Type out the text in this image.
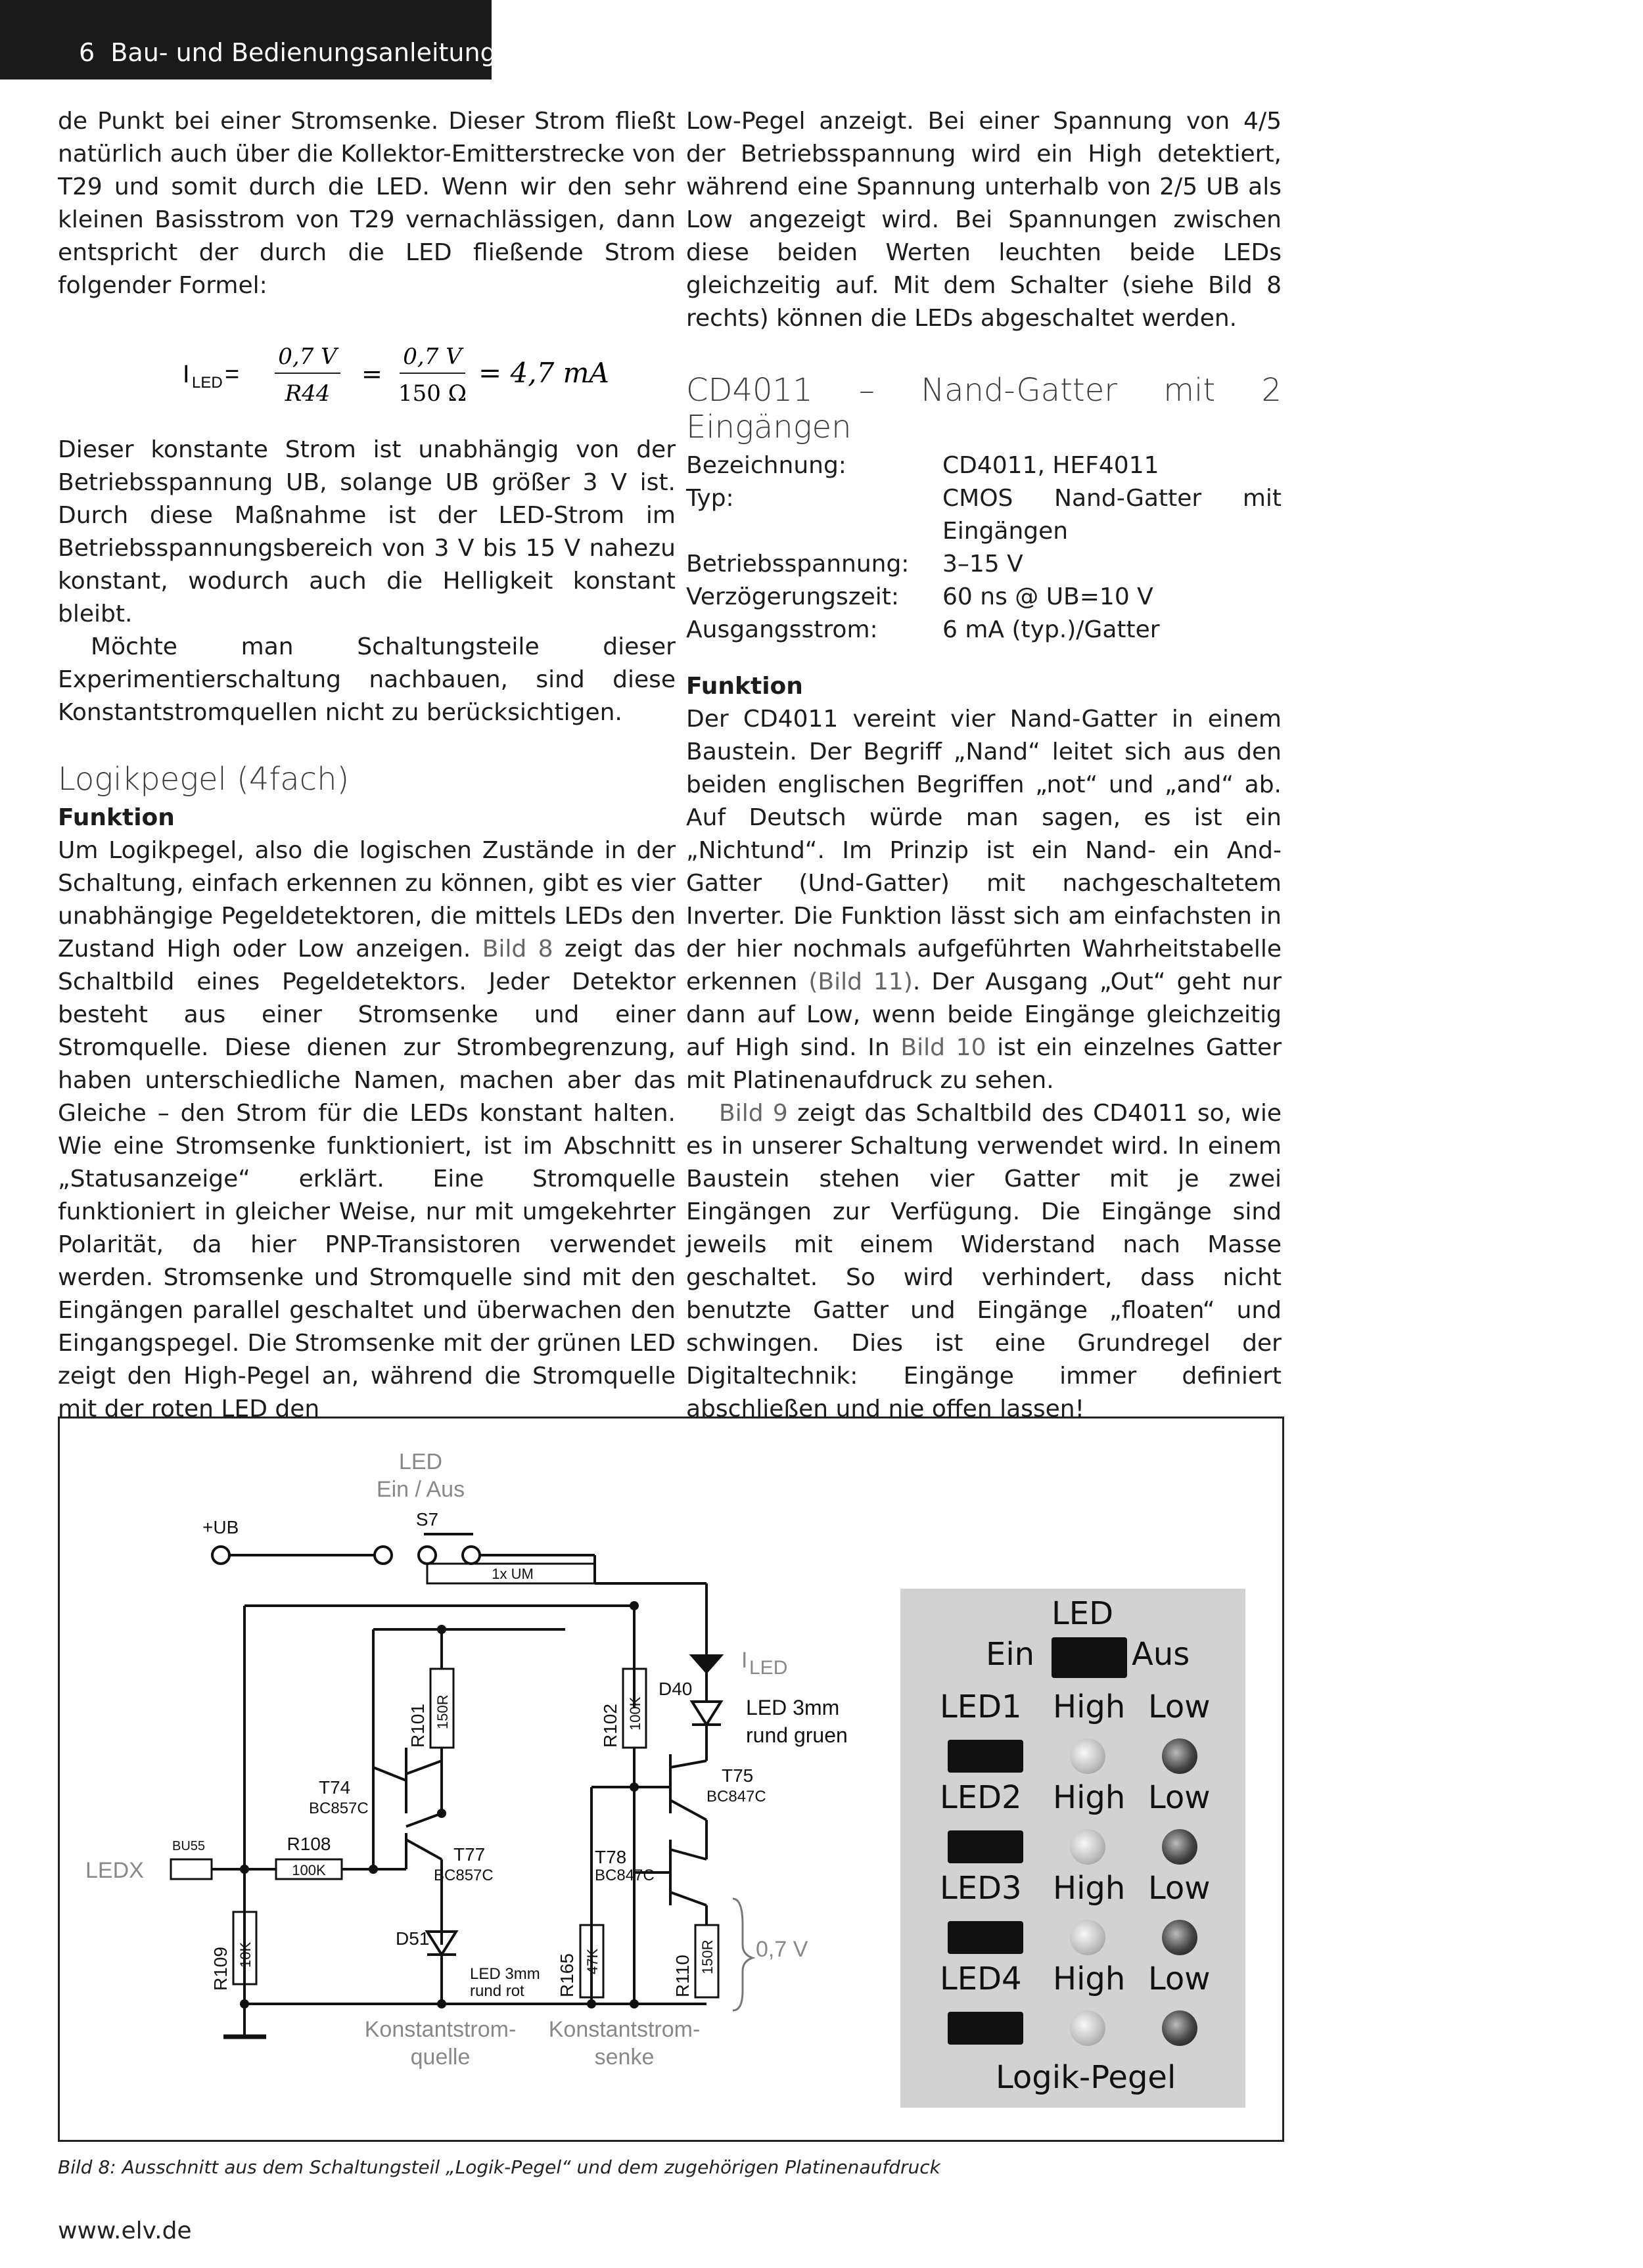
6 Bau- und Bedienungsanleitung

de Punkt bei einer Stromsenke. Dieser Strom fließt natürlich auch über die Kollektor-Emitterstrecke von T29 und somit durch die LED. Wenn wir den sehr kleinen Basisstrom von T29 vernachlässigen, dann entspricht der durch die LED fließende Strom folgender Formel:

I LED =
0,7 V
R44
=
0,7 V
150 Ω
= 4,7 mA

Dieser konstante Strom ist unabhängig von der Betriebsspannung UB, solange UB größer 3 V ist. Durch diese Maßnahme ist der LED-Strom im Betriebsspannungsbereich von 3 V bis 15 V nahezu konstant, wodurch auch die Helligkeit konstant bleibt.

Möchte man Schaltungsteile dieser Experimentierschaltung nachbauen, sind diese Konstantstromquellen nicht zu berücksichtigen.

Logikpegel (4fach)
Funktion

Um Logikpegel, also die logischen Zustände in der Schaltung, einfach erkennen zu können, gibt es vier unabhängige Pegeldetektoren, die mittels LEDs den Zustand High oder Low anzeigen. Bild 8 zeigt das Schaltbild eines Pegeldetektors. Jeder Detektor besteht aus einer Stromsenke und einer Stromquelle. Diese dienen zur Strombegrenzung, haben unterschiedliche Namen, machen aber das Gleiche – den Strom für die LEDs konstant halten. Wie eine Stromsenke funktioniert, ist im Abschnitt „Statusanzeige“ erklärt. Eine Stromquelle funktioniert in gleicher Weise, nur mit umgekehrter Polarität, da hier PNP-Transistoren verwendet werden. Stromsenke und Stromquelle sind mit den Eingängen parallel geschaltet und überwachen den Eingangspegel. Die Stromsenke mit der grünen LED zeigt den High-Pegel an, während die Stromquelle mit der roten LED den

Low-Pegel anzeigt. Bei einer Spannung von 4/5 der Betriebsspannung wird ein High detektiert, während eine Spannung unterhalb von 2/5 UB als Low angezeigt wird. Bei Spannungen zwischen diese beiden Werten leuchten beide LEDs gleichzeitig auf. Mit dem Schalter (siehe Bild 8 rechts) können die LEDs abgeschaltet werden.

CD4011 – Nand-Gatter mit 2 Eingängen
Bezeichnung:	CD4011, HEF4011
Typ:	CMOS Nand-Gatter mit Eingängen
Betriebsspannung:	3–15 V
Verzögerungszeit:	60 ns @ UB=10 V
Ausgangsstrom:	6 mA (typ.)/Gatter
Funktion

Der CD4011 vereint vier Nand-Gatter in einem Baustein. Der Begriff „Nand“ leitet sich aus den beiden englischen Begriffen „not“ und „and“ ab. Auf Deutsch würde man sagen, es ist ein „Nichtund“. Im Prinzip ist ein Nand- ein And-Gatter (Und-Gatter) mit nachgeschaltetem Inverter. Die Funktion lässt sich am einfachsten in der hier nochmals aufgeführten Wahrheitstabelle erkennen (Bild 11). Der Ausgang „Out“ geht nur dann auf Low, wenn beide Eingänge gleichzeitig auf High sind. In Bild 10 ist ein einzelnes Gatter mit Platinenaufdruck zu sehen.

Bild 9 zeigt das Schaltbild des CD4011 so, wie es in unserer Schaltung verwendet wird. In einem Baustein stehen vier Gatter mit je zwei Eingängen zur Verfügung. Die Eingänge sind jeweils mit einem Widerstand nach Masse geschaltet. So wird verhindert, dass nicht benutzte Gatter und Eingänge „floaten“ und schwingen. Dies ist eine Grundregel der Digitaltechnik: Eingänge immer definiert abschließen und nie offen lassen!

LED
Ein / Aus
Konstantstrom-
quelle
Konstantstrom-
senke
0,7 V
I LED
LEDX
+UB	S7
1x UM
D40
LED 3mm
rund gruen
T74
BC857C
T75
BC847C
T77
BC857C
T78
BC847C
BU55	R108
100K
D51
LED 3mm
rund rot
R101 150R	R102 100K
R109 10K	R165 47K	R110 150R
LED
Ein	Aus
LED1 High Low
LED2 High Low
LED3 High Low
LED4 High Low
Logik-Pegel
Bild 8: Ausschnitt aus dem Schaltungsteil „Logik-Pegel“ und dem zugehörigen Platinenaufdruck
www.elv.de
